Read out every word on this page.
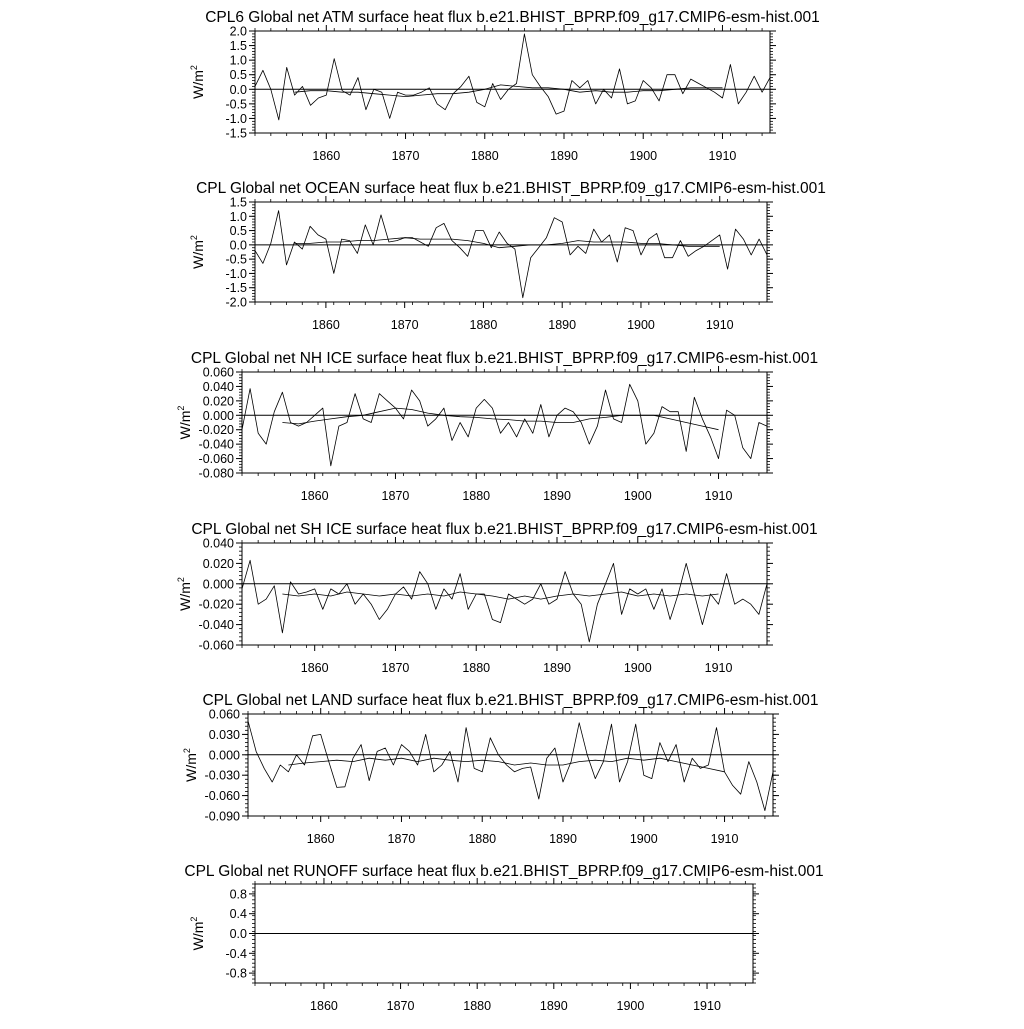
CPL6 Global net ATM surface heat flux b.e21.BHIST_BPRP.f09_g17.CMIP6-esm-hist.001
2.0
1.5
1.0
0.5
0.0
-0.5
-1.0
-1.5
1860	1870	1880	1890	1900	1910
$W/m^2$
CPL Global net OCEAN surface heat flux b.e21.BHIST_BPRP.f09_g17.CMIP6-esm-hist.001
1.5
1.0
0.5
0.0
-0.5
-1.0
-1.5
-2.0
1860	1870	1880	1890	1900	1910
$W/m^2$
CPL Global net NH ICE surface heat flux b.e21.BHIST_BPRP.f09_g17.CMIP6-esm-hist.001
0.060
0.040
0.020
0.000
-0.020
-0.040
-0.060
-0.080
1860	1870	1880	1890	1900	1910
$W/m^2$
CPL Global net SH ICE surface heat flux b.e21.BHIST_BPRP.f09_g17.CMIP6-esm-hist.001
0.040
0.020
0.000
-0.020
-0.040
-0.060
1860	1870	1880	1890	1900	1910
$W/m^2$
CPL Global net LAND surface heat flux b.e21.BHIST_BPRP.f09_g17.CMIP6-esm-hist.001
0.060
0.030
0.000
-0.030
-0.060
-0.090
1860	1870	1880	1890	1900	1910
$W/m^2$
CPL Global net RUNOFF surface heat flux b.e21.BHIST_BPRP.f09_g17.CMIP6-esm-hist.001
0.8
0.4
0.0
-0.4
-0.8
1860	1870	1880	1890	1900	1910
$W/m^2$
